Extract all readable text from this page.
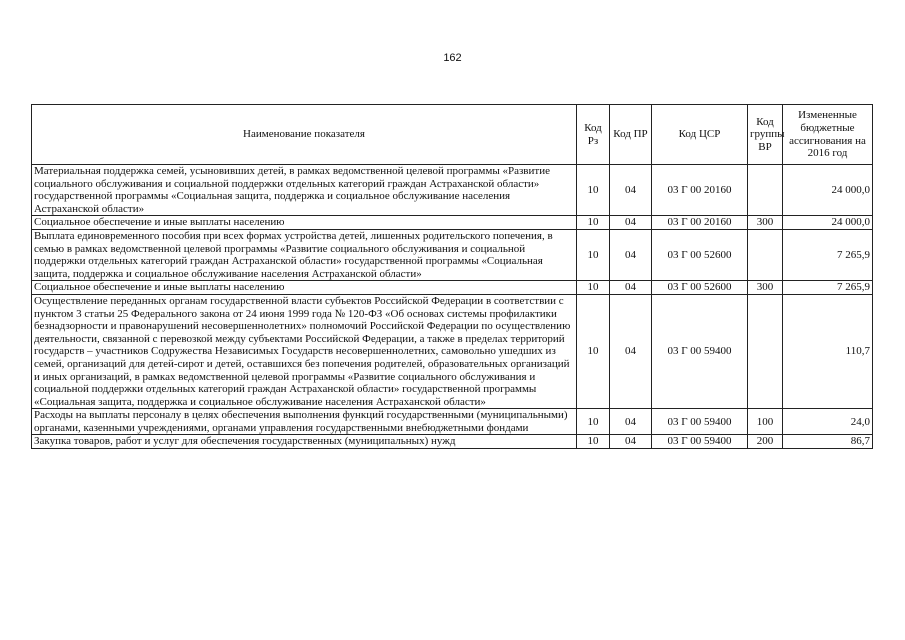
162
Наименование показателя	Код Рз	Код ПР	Код ЦСР	Код группы ВР	Измененные бюджетные ассигнования на 2016 год
Материальная поддержка семей, усыновивших детей, в рамках ведомственной целевой программы «Развитие социального обслуживания и социальной поддержки отдельных категорий граждан Астраханской области» государственной программы «Социальная защита, поддержка и социальное обслуживание населения Астраханской области»	10	04	03 Г 00 20160		24 000,0
Социальное обеспечение и иные выплаты населению	10	04	03 Г 00 20160	300	24 000,0
Выплата единовременного пособия при всех формах устройства детей, лишенных родительского попечения, в семью в рамках ведомственной целевой программы «Развитие социального обслуживания и социальной поддержки отдельных категорий граждан Астраханской области» государственной программы «Социальная защита, поддержка и социальное обслуживание населения Астраханской области»	10	04	03 Г 00 52600		7 265,9
Социальное обеспечение и иные выплаты населению	10	04	03 Г 00 52600	300	7 265,9
Осуществление переданных органам государственной власти субъектов Российской Федерации в соответствии с пунктом 3 статьи 25 Федерального закона от 24 июня 1999 года № 120-ФЗ «Об основах системы профилактики безнадзорности и правонарушений несовершеннолетних» полномочий Российской Федерации по осуществлению деятельности, связанной с перевозкой между субъектами Российской Федерации, а также в пределах территорий государств – участников Содружества Независимых Государств несовершеннолетних, самовольно ушедших из семей, организаций для детей-сирот и детей, оставшихся без попечения родителей, образовательных организаций и иных организаций, в рамках ведомственной целевой программы «Развитие социального обслуживания и социальной поддержки отдельных категорий граждан Астраханской области» государственной программы «Социальная защита, поддержка и социальное обслуживание населения Астраханской области»	10	04	03 Г 00 59400		110,7
Расходы на выплаты персоналу в целях обеспечения выполнения функций государственными (муниципальными) органами, казенными учреждениями, органами управления государственными внебюджетными фондами	10	04	03 Г 00 59400	100	24,0
Закупка товаров, работ и услуг для обеспечения государственных (муниципальных) нужд	10	04	03 Г 00 59400	200	86,7
